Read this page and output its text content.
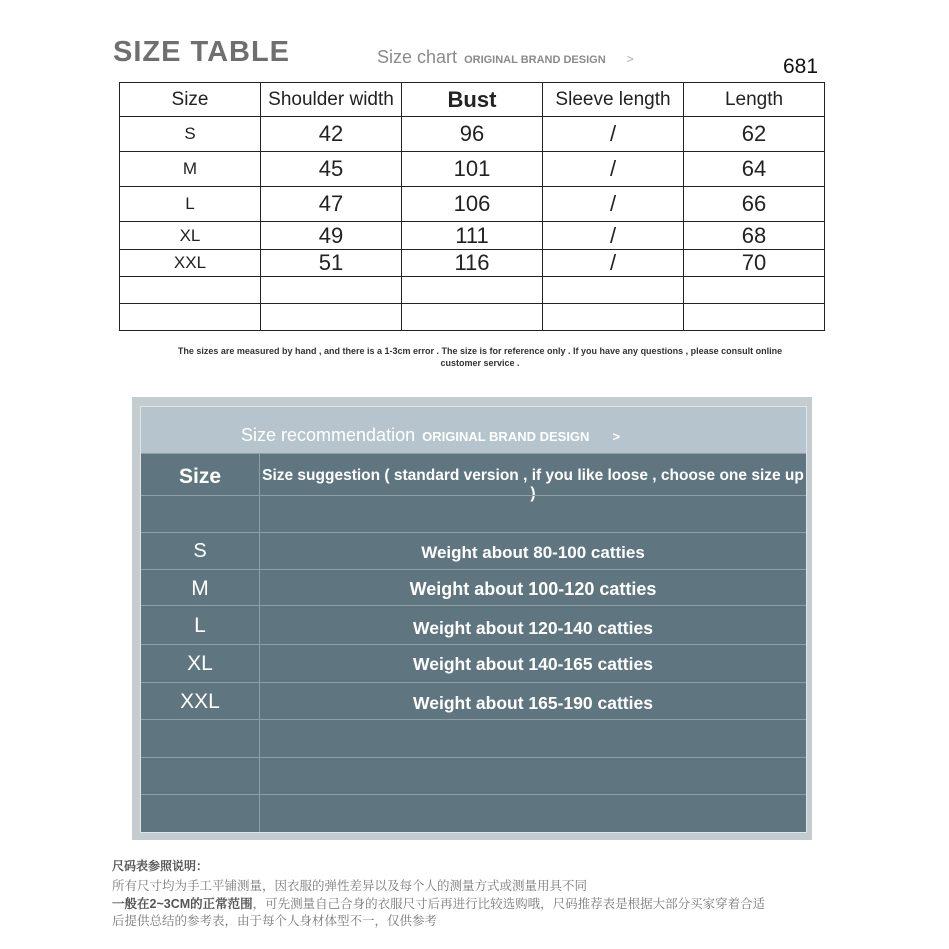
SIZE TABLE	Size chart ORIGINAL BRAND DESIGN >	681
Size	Shoulder width	Bust	Sleeve length	Length
S	42	96	/	62
M	45	101	/	64
L	47	106	/	66
XL	49	111	/	68
XXL	51	116	/	70

The sizes are measured by hand , and there is a 1-3cm error . The size is for reference only . If you have any questions , please consult online customer service .
Size recommendation ORIGINAL BRAND DESIGN >
Size	Size suggestion ( standard version , if you like loose , choose one size up )
S	Weight about 80-100 catties
M	Weight about 100-120 catties
L	Weight about 120-140 catties
XL	Weight about 140-165 catties
XXL	Weight about 165-190 catties
尺码表参照说明：
所有尺寸均为手工平铺测量，因衣服的弹性差异以及每个人的测量方式或测量用具不同
一般在2~3CM的正常范围，可先测量自己合身的衣服尺寸后再进行比较选购哦，尺码推荐表是根据大部分买家穿着合适
后提供总结的参考表，由于每个人身材体型不一，仅供参考
